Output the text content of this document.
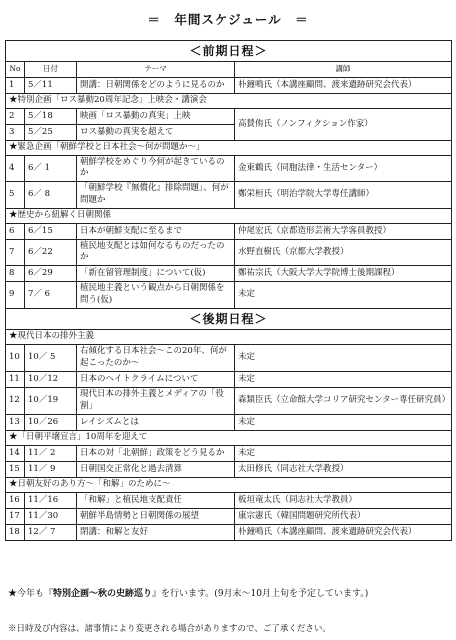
＝　年間スケジュール　＝
＜前期日程＞			
No	日付	テーマ	講師
1	5／11	開講：日朝関係をどのように見るのか	朴鐘鳴氏（本講座顧問、渡来遺跡研究会代表）
★特別企画「ロス暴動20周年記念」上映会・講演会			
2	5／18	映画「ロス暴動の真実」上映	高賛侑氏（ノンフィクション作家）
3	5／25	ロス暴動の真実を超えて	
★緊急企画「朝鮮学校と日本社会～何が問題か～」			
4	6／ 1	朝鮮学校をめぐり今何が起きているのか	金東鶴氏（同胞法律・生活センター）
5	6／ 8	「朝鮮学校『無償化』排除問題」、何が問題か	鄭栄桓氏（明治学院大学専任講師）
★歴史から紐解く日朝関係			
6	6／15	日本が朝鮮支配に至るまで	仲尾宏氏（京都造形芸術大学客員教授）
7	6／22	植民地支配とは如何なるものだったのか	水野直樹氏（京都大学教授）
8	6／29	「新在留管理制度」について(仮)	鄭祐宗氏（大阪大学大学院博士後期課程）
9	7／ 6	植民地主義という観点から日朝関係を問う(仮)	未定
＜後期日程＞			
★現代日本の排外主義			
10	10／ 5	右傾化する日本社会～この20年、何が起こったのか～	未定
11	10／12	日本のヘイトクライムについて	未定
12	10／19	現代日本の排外主義とメディアの「役割」	森類臣氏（立命館大学コリア研究センター専任研究員）
13	10／26	レイシズムとは	未定
★「日朝平壌宣言」10周年を迎えて			
14	11／ 2	日本の対「北朝鮮」政策をどう見るか	未定
15	11／ 9	日朝国交正常化と過去清算	太田修氏（同志社大学教授）
★日朝友好のあり方～「和解」のために～			
16	11／16	「和解」と植民地支配責任	板垣竜太氏（同志社大学教員）
17	11／30	朝鮮半島情勢と日朝関係の展望	康宗憲氏（韓国問題研究所代表）
18	12／ 7	閉講：和解と友好	朴鐘鳴氏（本講座顧問、渡来遺跡研究会代表）
★今年も『特別企画～秋の史跡巡り』を行います。(9月末～10月上旬を予定しています。)
※日時及び内容は、諸事情により変更される場合がありますので、ご了承ください。
